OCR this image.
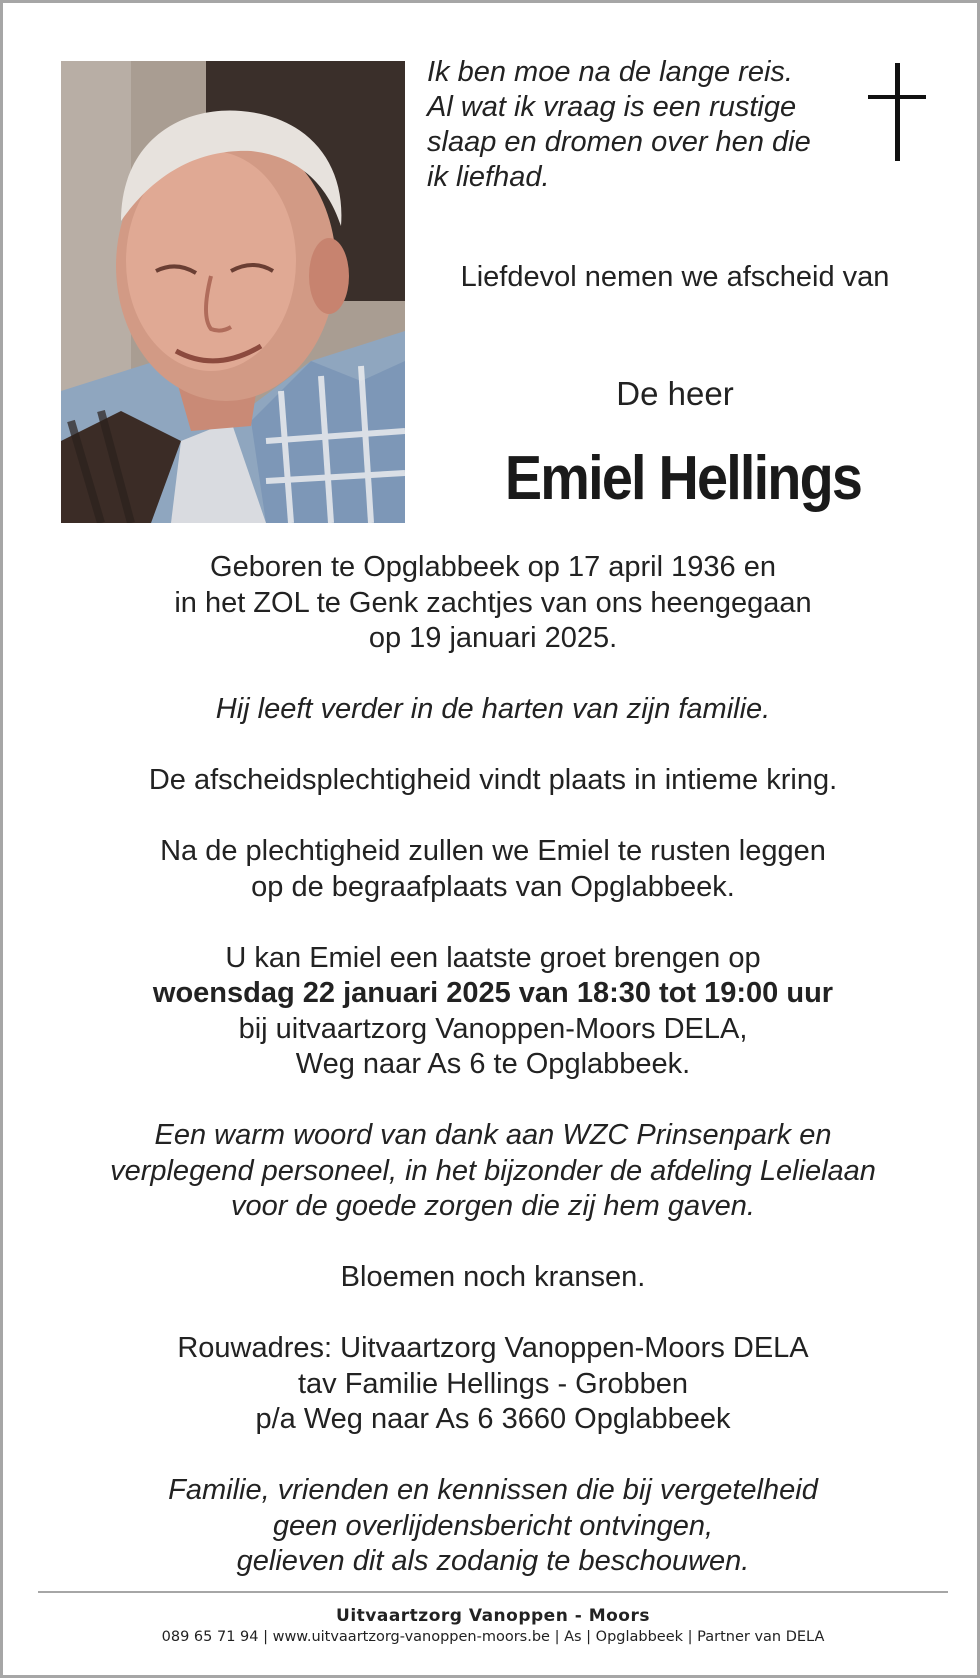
Ik ben moe na de lange reis.
Al wat ik vraag is een rustige
slaap en dromen over hen die
ik liefhad.
Liefdevol nemen we afscheid van
De heer
Emiel Hellings
Geboren te Opglabbeek op 17 april 1936 en
in het ZOL te Genk zachtjes van ons heengegaan
op 19 januari 2025.
Hij leeft verder in de harten van zijn familie.
De afscheidsplechtigheid vindt plaats in intieme kring.
Na de plechtigheid zullen we Emiel te rusten leggen
op de begraafplaats van Opglabbeek.
U kan Emiel een laatste groet brengen op
woensdag 22 januari 2025 van 18:30 tot 19:00 uur
bij uitvaartzorg Vanoppen-Moors DELA,
Weg naar As 6 te Opglabbeek.
Een warm woord van dank aan WZC Prinsenpark en
verplegend personeel, in het bijzonder de afdeling Lelielaan
voor de goede zorgen die zij hem gaven.
Bloemen noch kransen.
Rouwadres: Uitvaartzorg Vanoppen-Moors DELA
tav Familie Hellings - Grobben
p/a Weg naar As 6 3660 Opglabbeek
Familie, vrienden en kennissen die bij vergetelheid
geen overlijdensbericht ontvingen,
gelieven dit als zodanig te beschouwen.
Uitvaartzorg Vanoppen - Moors
089 65 71 94 | www.uitvaartzorg-vanoppen-moors.be | As | Opglabbeek | Partner van DELA
